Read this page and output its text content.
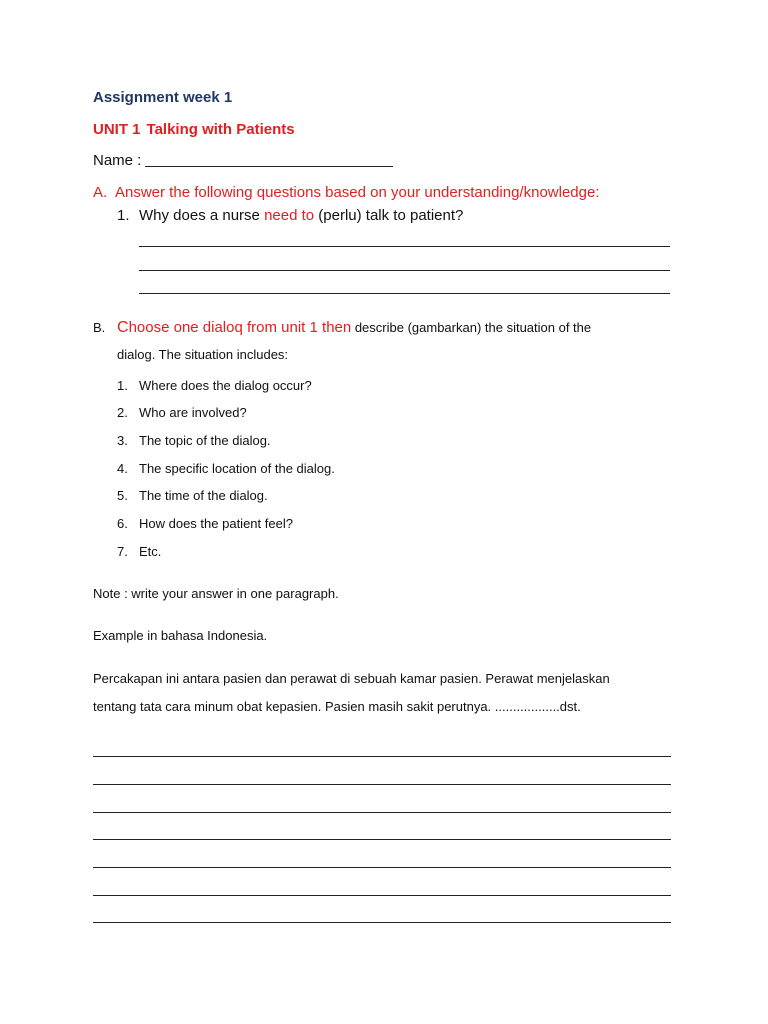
Assignment week 1
UNIT 1 Talking with Patients
Name :
A. Answer the following questions based on your understanding/knowledge:
1. Why does a nurse need to (perlu) talk to patient?
B. Choose one dialoq from unit 1 then describe (gambarkan) the situation of the
dialog. The situation includes:
1. Where does the dialog occur?
2. Who are involved?
3. The topic of the dialog.
4. The specific location of the dialog.
5. The time of the dialog.
6. How does the patient feel?
7. Etc.
Note : write your answer in one paragraph.
Example in bahasa Indonesia.
Percakapan ini antara pasien dan perawat di sebuah kamar pasien. Perawat menjelaskan
tentang tata cara minum obat kepasien. Pasien masih sakit perutnya. ..................dst.
